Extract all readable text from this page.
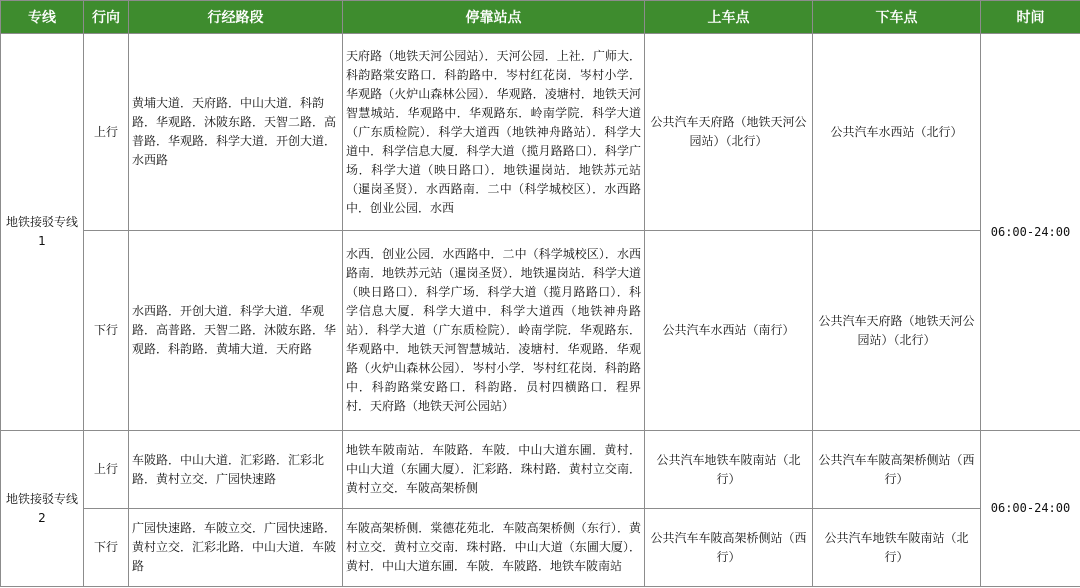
专线	行向	行经路段	停靠站点	上车点	下车点	时间
地铁接驳专线1	上行	黄埔大道．天府路．中山大道．科韵路．华观路．沐陂东路．天智二路．高普路．华观路．科学大道．开创大道．水西路	天府路（地铁天河公园站）．天河公园．上社．广师大．科韵路棠安路口．科韵路中．岑村红花岗．岑村小学．华观路（火炉山森林公园）．华观路．凌塘村．地铁天河智慧城站．华观路中．华观路东．岭南学院．科学大道（广东质检院）．科学大道西（地铁神舟路站）．科学大道中．科学信息大厦．科学大道（揽月路路口）．科学广场．科学大道（映日路口）．地铁暹岗站．地铁苏元站（暹岗圣贤）．水西路南．二中（科学城校区）．水西路中．创业公园．水西	公共汽车天府路（地铁天河公园站）（北行）	公共汽车水西站（北行）	06:00-24:00
	下行	水西路．开创大道．科学大道．华观路．高普路．天智二路．沐陂东路．华观路．科韵路．黄埔大道．天府路	水西．创业公园．水西路中．二中（科学城校区）．水西路南．地铁苏元站（暹岗圣贤）．地铁暹岗站．科学大道（映日路口）．科学广场．科学大道（揽月路路口）．科学信息大厦．科学大道中．科学大道西（地铁神舟路站）．科学大道（广东质检院）．岭南学院．华观路东．华观路中．地铁天河智慧城站．凌塘村．华观路．华观路（火炉山森林公园）．岑村小学．岑村红花岗．科韵路中．科韵路棠安路口．科韵路．员村四横路口．程界村．天府路（地铁天河公园站）	公共汽车水西站（南行）	公共汽车天府路（地铁天河公园站）（北行）	
地铁接驳专线2	上行	车陂路．中山大道．汇彩路．汇彩北路．黄村立交．广园快速路	地铁车陂南站．车陂路．车陂．中山大道东圃．黄村．中山大道（东圃大厦）．汇彩路．珠村路．黄村立交南．黄村立交．车陂高架桥侧	公共汽车地铁车陂南站（北行）	公共汽车车陂高架桥侧站（西行）	06:00-24:00
	下行	广园快速路．车陂立交．广园快速路．黄村立交．汇彩北路．中山大道．车陂路	车陂高架桥侧．棠德花苑北．车陂高架桥侧（东行）．黄村立交．黄村立交南．珠村路．中山大道（东圃大厦）．黄村．中山大道东圃．车陂．车陂路．地铁车陂南站	公共汽车车陂高架桥侧站（西行）	公共汽车地铁车陂南站（北行）	
